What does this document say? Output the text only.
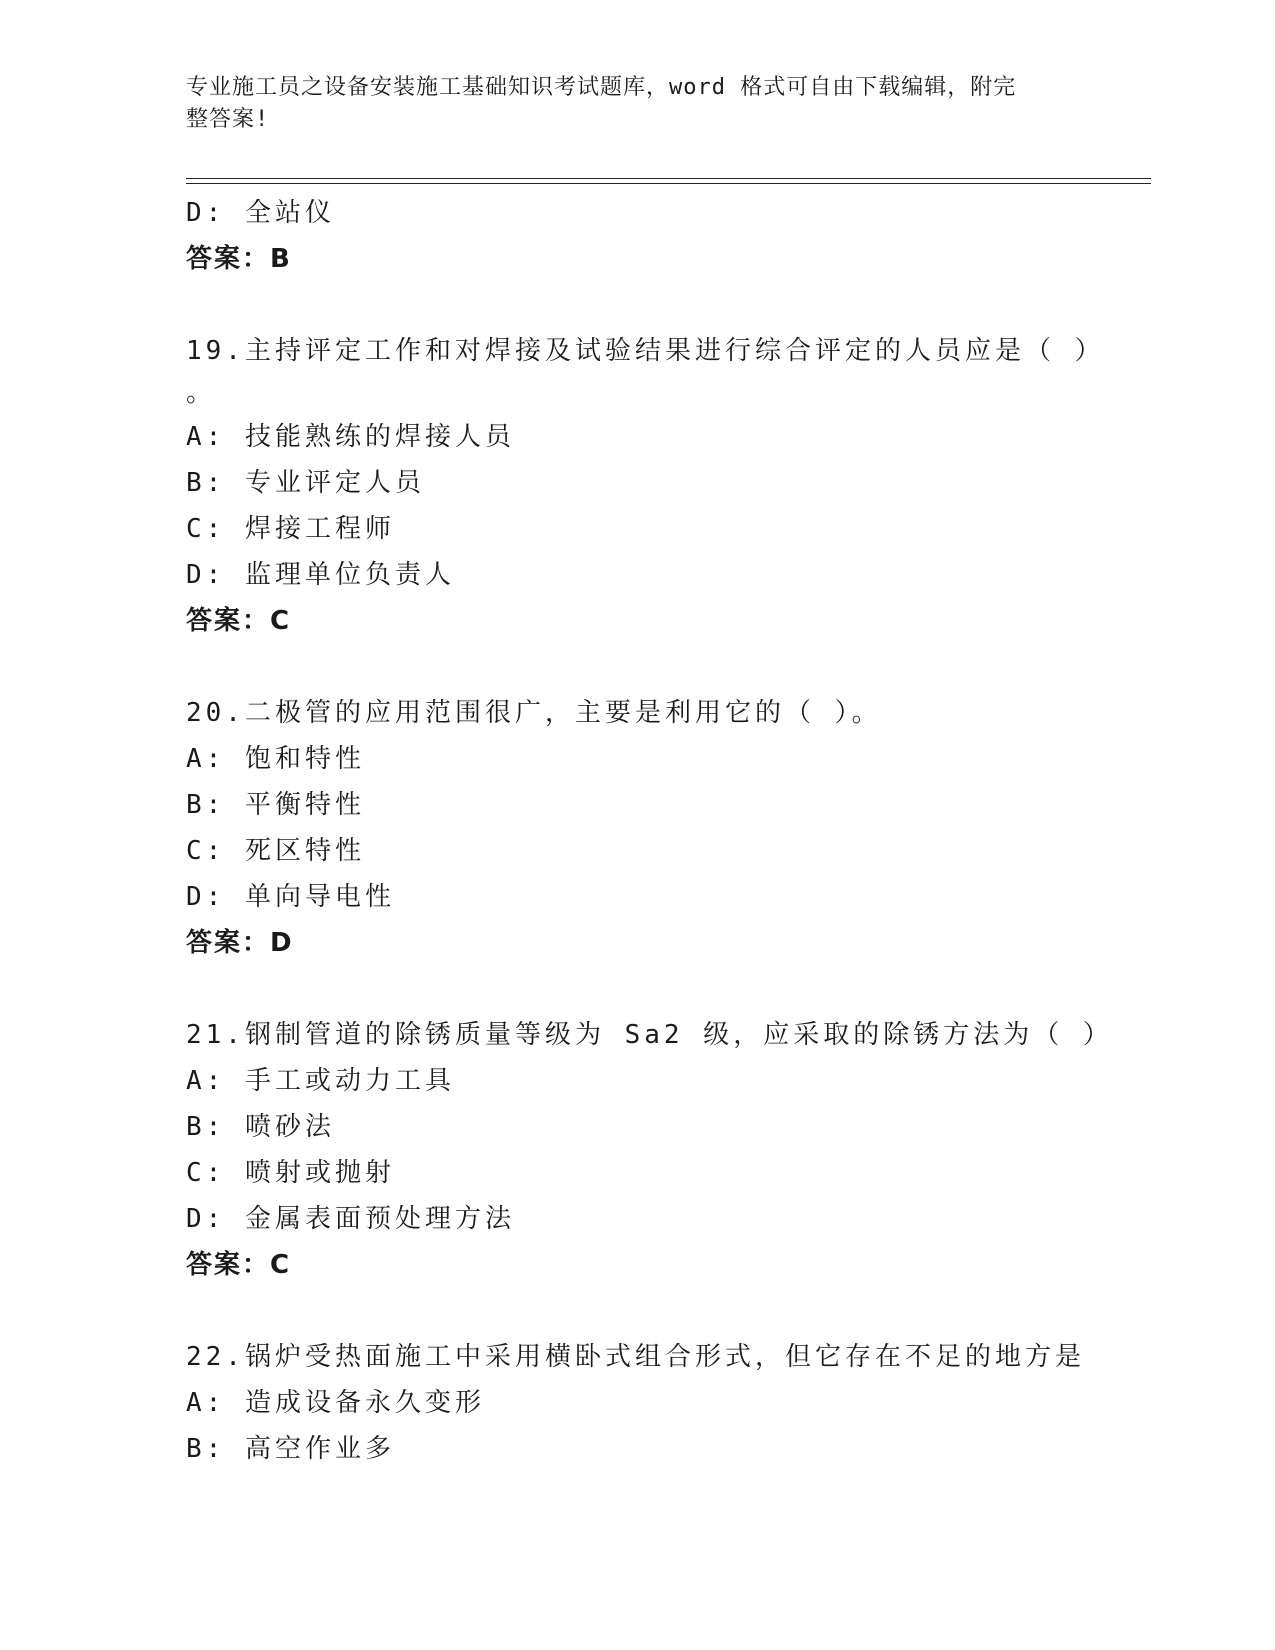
专业施工员之设备安装施工基础知识考试题库，word 格式可自由下载编辑，附完
整答案!
D: 全站仪
答案：B
19.主持评定工作和对焊接及试验结果进行综合评定的人员应是（ ）
。
A: 技能熟练的焊接人员
B: 专业评定人员
C: 焊接工程师
D: 监理单位负责人
答案：C
20.二极管的应用范围很广，主要是利用它的（ ）。
A: 饱和特性
B: 平衡特性
C: 死区特性
D: 单向导电性
答案：D
21.钢制管道的除锈质量等级为 Sa2 级，应采取的除锈方法为（ ）
A: 手工或动力工具
B: 喷砂法
C: 喷射或抛射
D: 金属表面预处理方法
答案：C
22.锅炉受热面施工中采用横卧式组合形式，但它存在不足的地方是
A: 造成设备永久变形
B: 高空作业多
